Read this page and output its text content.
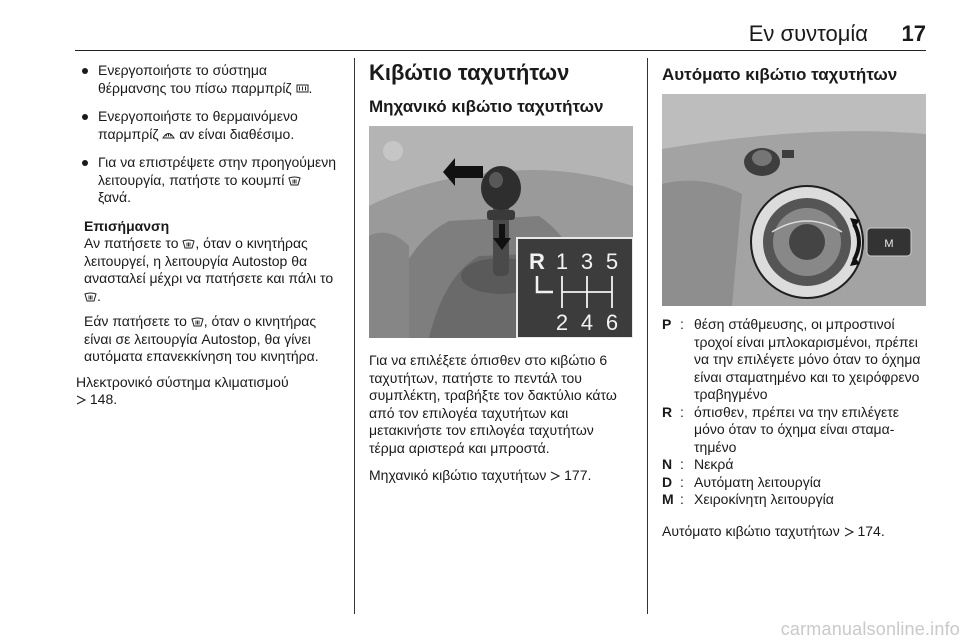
Εν συντομία 17
Ενεργοποιήστε το σύστημα θέρμανσης του πίσω παρμπρίζ .
Ενεργοποιήστε το θερμαινόμενο παρμπρίζ  αν είναι διαθέσιμο.
Για να επιστρέψετε στην προηγούμενη λειτουργία, πατήστε το κουμπί  ξανά.
Επισήμανση
Αν πατήσετε το , όταν ο κινητήρας λειτουργεί, η λειτουργία Autostop θα ανασταλεί μέχρι να πατήσετε και πάλι το .
Εάν πατήσετε το , όταν ο κινητήρας είναι σε λειτουργία Autostop, θα γίνει αυτόματα επανεκκίνηση του κινητήρα.
Ηλεκτρονικό σύστημα κλιματισμού
148.
Κιβώτιο ταχυτήτων
Μηχανικό κιβώτιο ταχυτήτων
R 1 3 5
2 4 6
Για να επιλέξετε όπισθεν στο κιβώτιο 6 ταχυτήτων, πατήστε το πεντάλ του συμπλέκτη, τραβήξτε τον δακτύλιο κάτω από τον επιλογέα ταχυτήτων και μετακινήστε τον επιλογέα ταχυτήτων τέρμα αριστερά και μπροστά.
Μηχανικό κιβώτιο ταχυτήτων 177.
Αυτόματο κιβώτιο ταχυτήτων
M
P : θέση στάθμευσης, οι μπροστινοί τροχοί είναι μπλοκαρισμένοι, πρέπει να την επιλέγετε μόνο όταν το όχημα είναι σταματημένο και το χειρόφρενο τραβηγμένο
R : όπισθεν, πρέπει να την επιλέγετε μόνο όταν το όχημα είναι σταματημένο
N : Νεκρά
D : Αυτόματη λειτουργία
M : Χειροκίνητη λειτουργία
Αυτόματο κιβώτιο ταχυτήτων 174.
carmanualsonline.info
